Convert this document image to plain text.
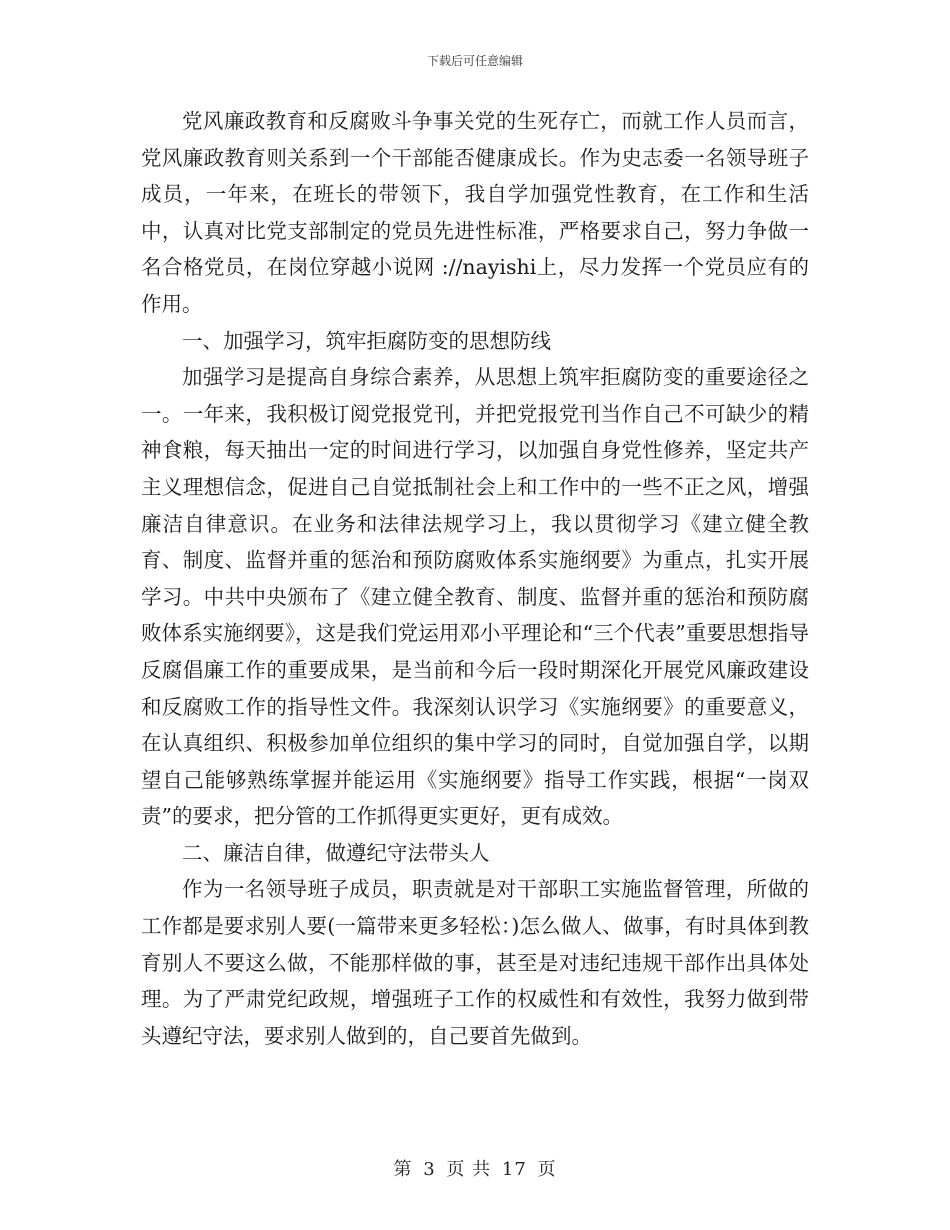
下载后可任意编辑

党风廉政教育和反腐败斗争事关党的生死存亡，而就工作人员而言，党风廉政教育则关系到一个干部能否健康成长。作为史志委一名领导班子成员，一年来，在班长的带领下，我自学加强党性教育，在工作和生活中，认真对比党支部制定的党员先进性标准，严格要求自己，努力争做一名合格党员，在岗位穿越小说网 ://nayishi上，尽力发挥一个党员应有的作用。

一、加强学习，筑牢拒腐防变的思想防线

加强学习是提高自身综合素养，从思想上筑牢拒腐防变的重要途径之一。一年来，我积极订阅党报党刊，并把党报党刊当作自己不可缺少的精神食粮，每天抽出一定的时间进行学习，以加强自身党性修养，坚定共产主义理想信念，促进自己自觉抵制社会上和工作中的一些不正之风，增强廉洁自律意识。在业务和法律法规学习上，我以贯彻学习《建立健全教育、制度、监督并重的惩治和预防腐败体系实施纲要》为重点，扎实开展学习。中共中央颁布了《建立健全教育、制度、监督并重的惩治和预防腐败体系实施纲要》，这是我们党运用邓小平理论和“三个代表”重要思想指导反腐倡廉工作的重要成果，是当前和今后一段时期深化开展党风廉政建设和反腐败工作的指导性文件。我深刻认识学习《实施纲要》的重要意义，在认真组织、积极参加单位组织的集中学习的同时，自觉加强自学，以期望自己能够熟练掌握并能运用《实施纲要》指导工作实践，根据“一岗双责”的要求，把分管的工作抓得更实更好，更有成效。

二、廉洁自律，做遵纪守法带头人

作为一名领导班子成员，职责就是对干部职工实施监督管理，所做的工作都是要求别人要(一篇带来更多轻松：)怎么做人、做事，有时具体到教育别人不要这么做，不能那样做的事，甚至是对违纪违规干部作出具体处理。为了严肃党纪政规，增强班子工作的权威性和有效性，我努力做到带头遵纪守法，要求别人做到的，自己要首先做到。

第 3 页 共 17 页
